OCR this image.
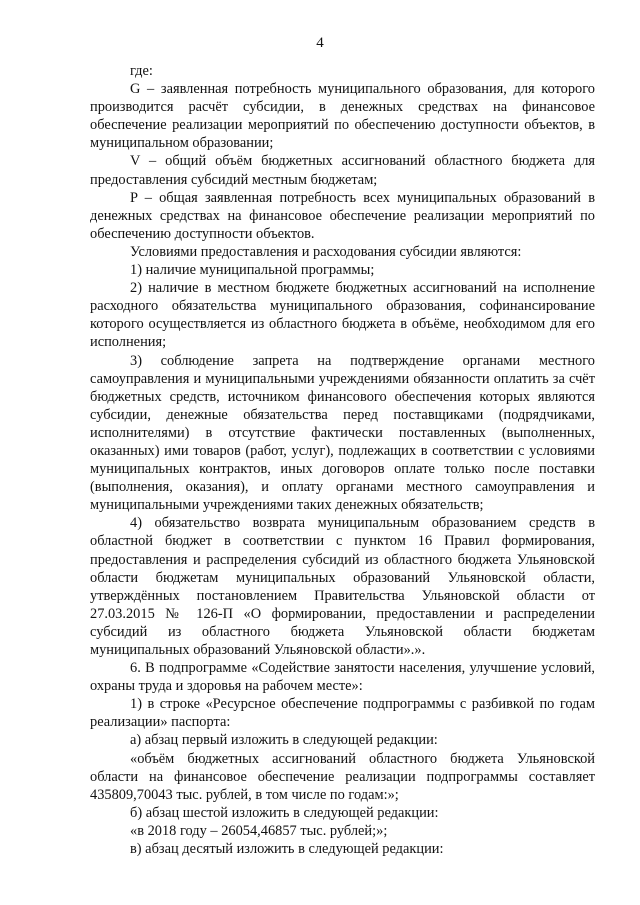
4

где:

G – заявленная потребность муниципального образования, для которого производится расчёт субсидии, в денежных средствах на финансовое обеспечение реализации мероприятий по обеспечению доступности объектов, в муниципальном образовании;

V – общий объём бюджетных ассигнований областного бюджета для предоставления субсидий местным бюджетам;

P – общая заявленная потребность всех муниципальных образований в денежных средствах на финансовое обеспечение реализации мероприятий по обеспечению доступности объектов.

Условиями предоставления и расходования субсидии являются:

1) наличие муниципальной программы;

2) наличие в местном бюджете бюджетных ассигнований на исполнение расходного обязательства муниципального образования, софинансирование которого осуществляется из областного бюджета в объёме, необходимом для его исполнения;

3) соблюдение запрета на подтверждение органами местного самоуправления и муниципальными учреждениями обязанности оплатить за счёт бюджетных средств, источником финансового обеспечения которых являются субсидии, денежные обязательства перед поставщиками (подрядчиками, исполнителями) в отсутствие фактически поставленных (выполненных, оказанных) ими товаров (работ, услуг), подлежащих в соответствии с условиями муниципальных контрактов, иных договоров оплате только после поставки (выполнения, оказания), и оплату органами местного самоуправления и муниципальными учреждениями таких денежных обязательств;

4) обязательство возврата муниципальным образованием средств в областной бюджет в соответствии с пунктом 16 Правил формирования, предоставления и распределения субсидий из областного бюджета Ульяновской области бюджетам муниципальных образований Ульяновской области, утверждённых постановлением Правительства Ульяновской области от 27.03.2015 № 126-П «О формировании, предоставлении и распределении субсидий из областного бюджета Ульяновской области бюджетам муниципальных образований Ульяновской области».».

6. В подпрограмме «Содействие занятости населения, улучшение условий, охраны труда и здоровья на рабочем месте»:

1) в строке «Ресурсное обеспечение подпрограммы с разбивкой по годам реализации» паспорта:

а) абзац первый изложить в следующей редакции:

«объём бюджетных ассигнований областного бюджета Ульяновской области на финансовое обеспечение реализации подпрограммы составляет 435809,70043 тыс. рублей, в том числе по годам:»;

б) абзац шестой изложить в следующей редакции:

«в 2018 году – 26054,46857 тыс. рублей;»;

в) абзац десятый изложить в следующей редакции:
